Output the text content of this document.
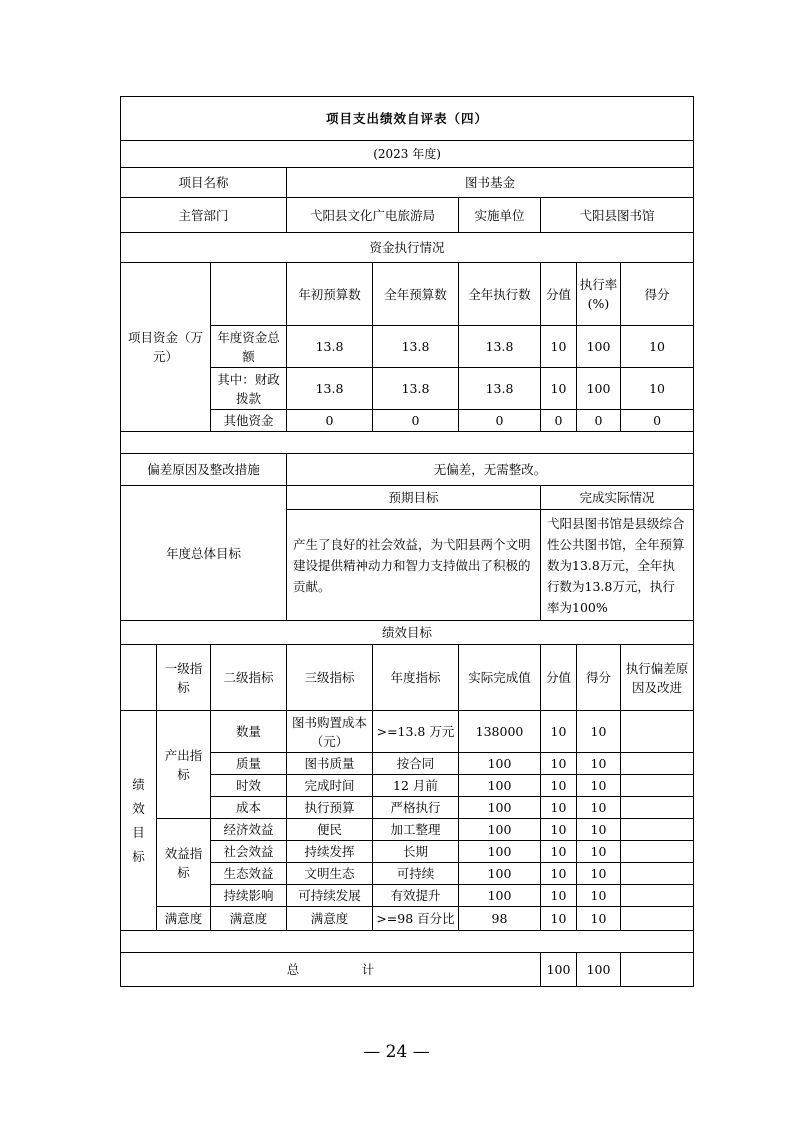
项目支出绩效自评表（四）								
(2023 年度)								
项目名称			图书基金					
主管部门			弋阳县文化广电旅游局		实施单位	弋阳县图书馆		
资金执行情况								
项目资金（万元）			年初预算数	全年预算数	全年执行数	分值	执行率(%)	得分
		年度资金总额	13.8	13.8	13.8	10	100	10
		其中：财政拨款	13.8	13.8	13.8	10	100	10
		其他资金	0	0	0	0	0	0

偏差原因及整改措施			无偏差，无需整改。					
年度总体目标			预期目标			完成实际情况		
			产生了良好的社会效益，为弋阳县两个文明建设提供精神动力和智力支持做出了积极的贡献。			弋阳县图书馆是县级综合性公共图书馆，全年预算数为13.8万元，全年执行数为13.8万元，执行率为100%		
绩效目标								
	一级指标	二级指标	三级指标	年度指标	实际完成值	分值	得分	执行偏差原因及改进
绩效目标	产出指标	数量	图书购置成本（元）	>=13.8 万元	138000	10	10	
		质量	图书质量	按合同	100	10	10	
		时效	完成时间	12 月前	100	10	10	
		成本	执行预算	严格执行	100	10	10	
	效益指标	经济效益	便民	加工整理	100	10	10	
		社会效益	持续发挥	长期	100	10	10	
		生态效益	文明生态	可持续	100	10	10	
		持续影响	可持续发展	有效提升	100	10	10	
	满意度	满意度	满意度	>=98 百分比	98	10	10	

总　　　　　计						100	100	
— 24 —
